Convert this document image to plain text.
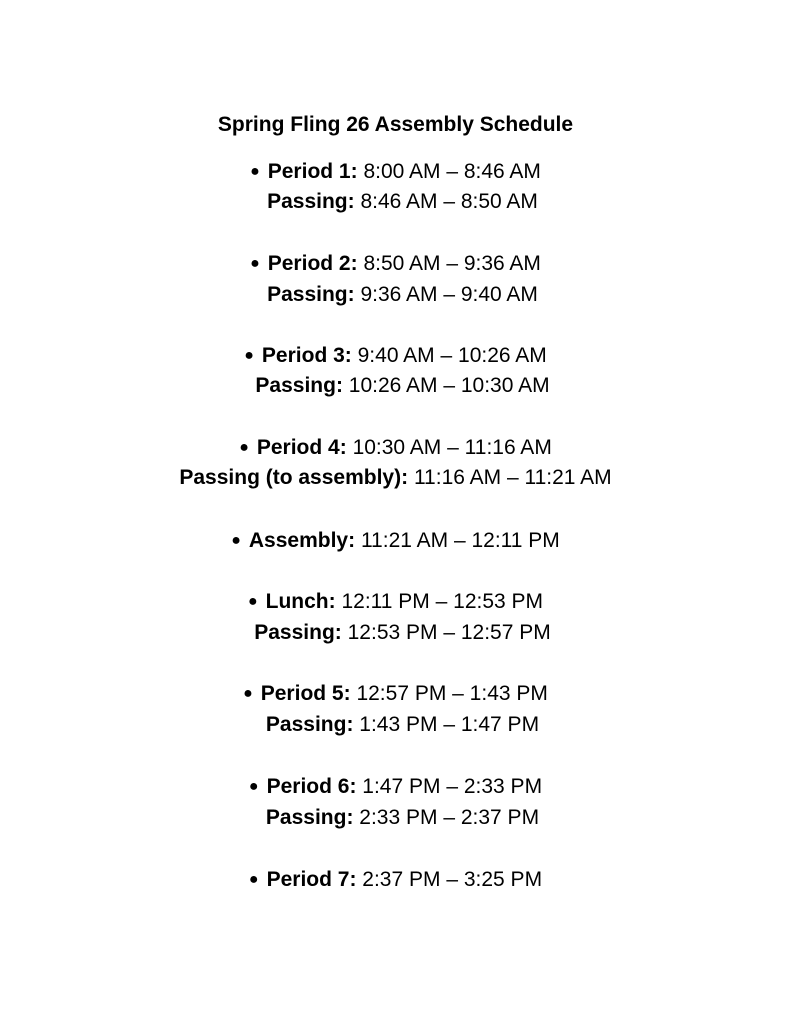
Spring Fling 26 Assembly Schedule
● Period 1: 8:00 AM – 8:46 AM
Passing: 8:46 AM – 8:50 AM
● Period 2: 8:50 AM – 9:36 AM
Passing: 9:36 AM – 9:40 AM
● Period 3: 9:40 AM – 10:26 AM
Passing: 10:26 AM – 10:30 AM
● Period 4: 10:30 AM – 11:16 AM
Passing (to assembly): 11:16 AM – 11:21 AM
● Assembly: 11:21 AM – 12:11 PM
● Lunch: 12:11 PM – 12:53 PM
Passing: 12:53 PM – 12:57 PM
● Period 5: 12:57 PM – 1:43 PM
Passing: 1:43 PM – 1:47 PM
● Period 6: 1:47 PM – 2:33 PM
Passing: 2:33 PM – 2:37 PM
● Period 7: 2:37 PM – 3:25 PM
